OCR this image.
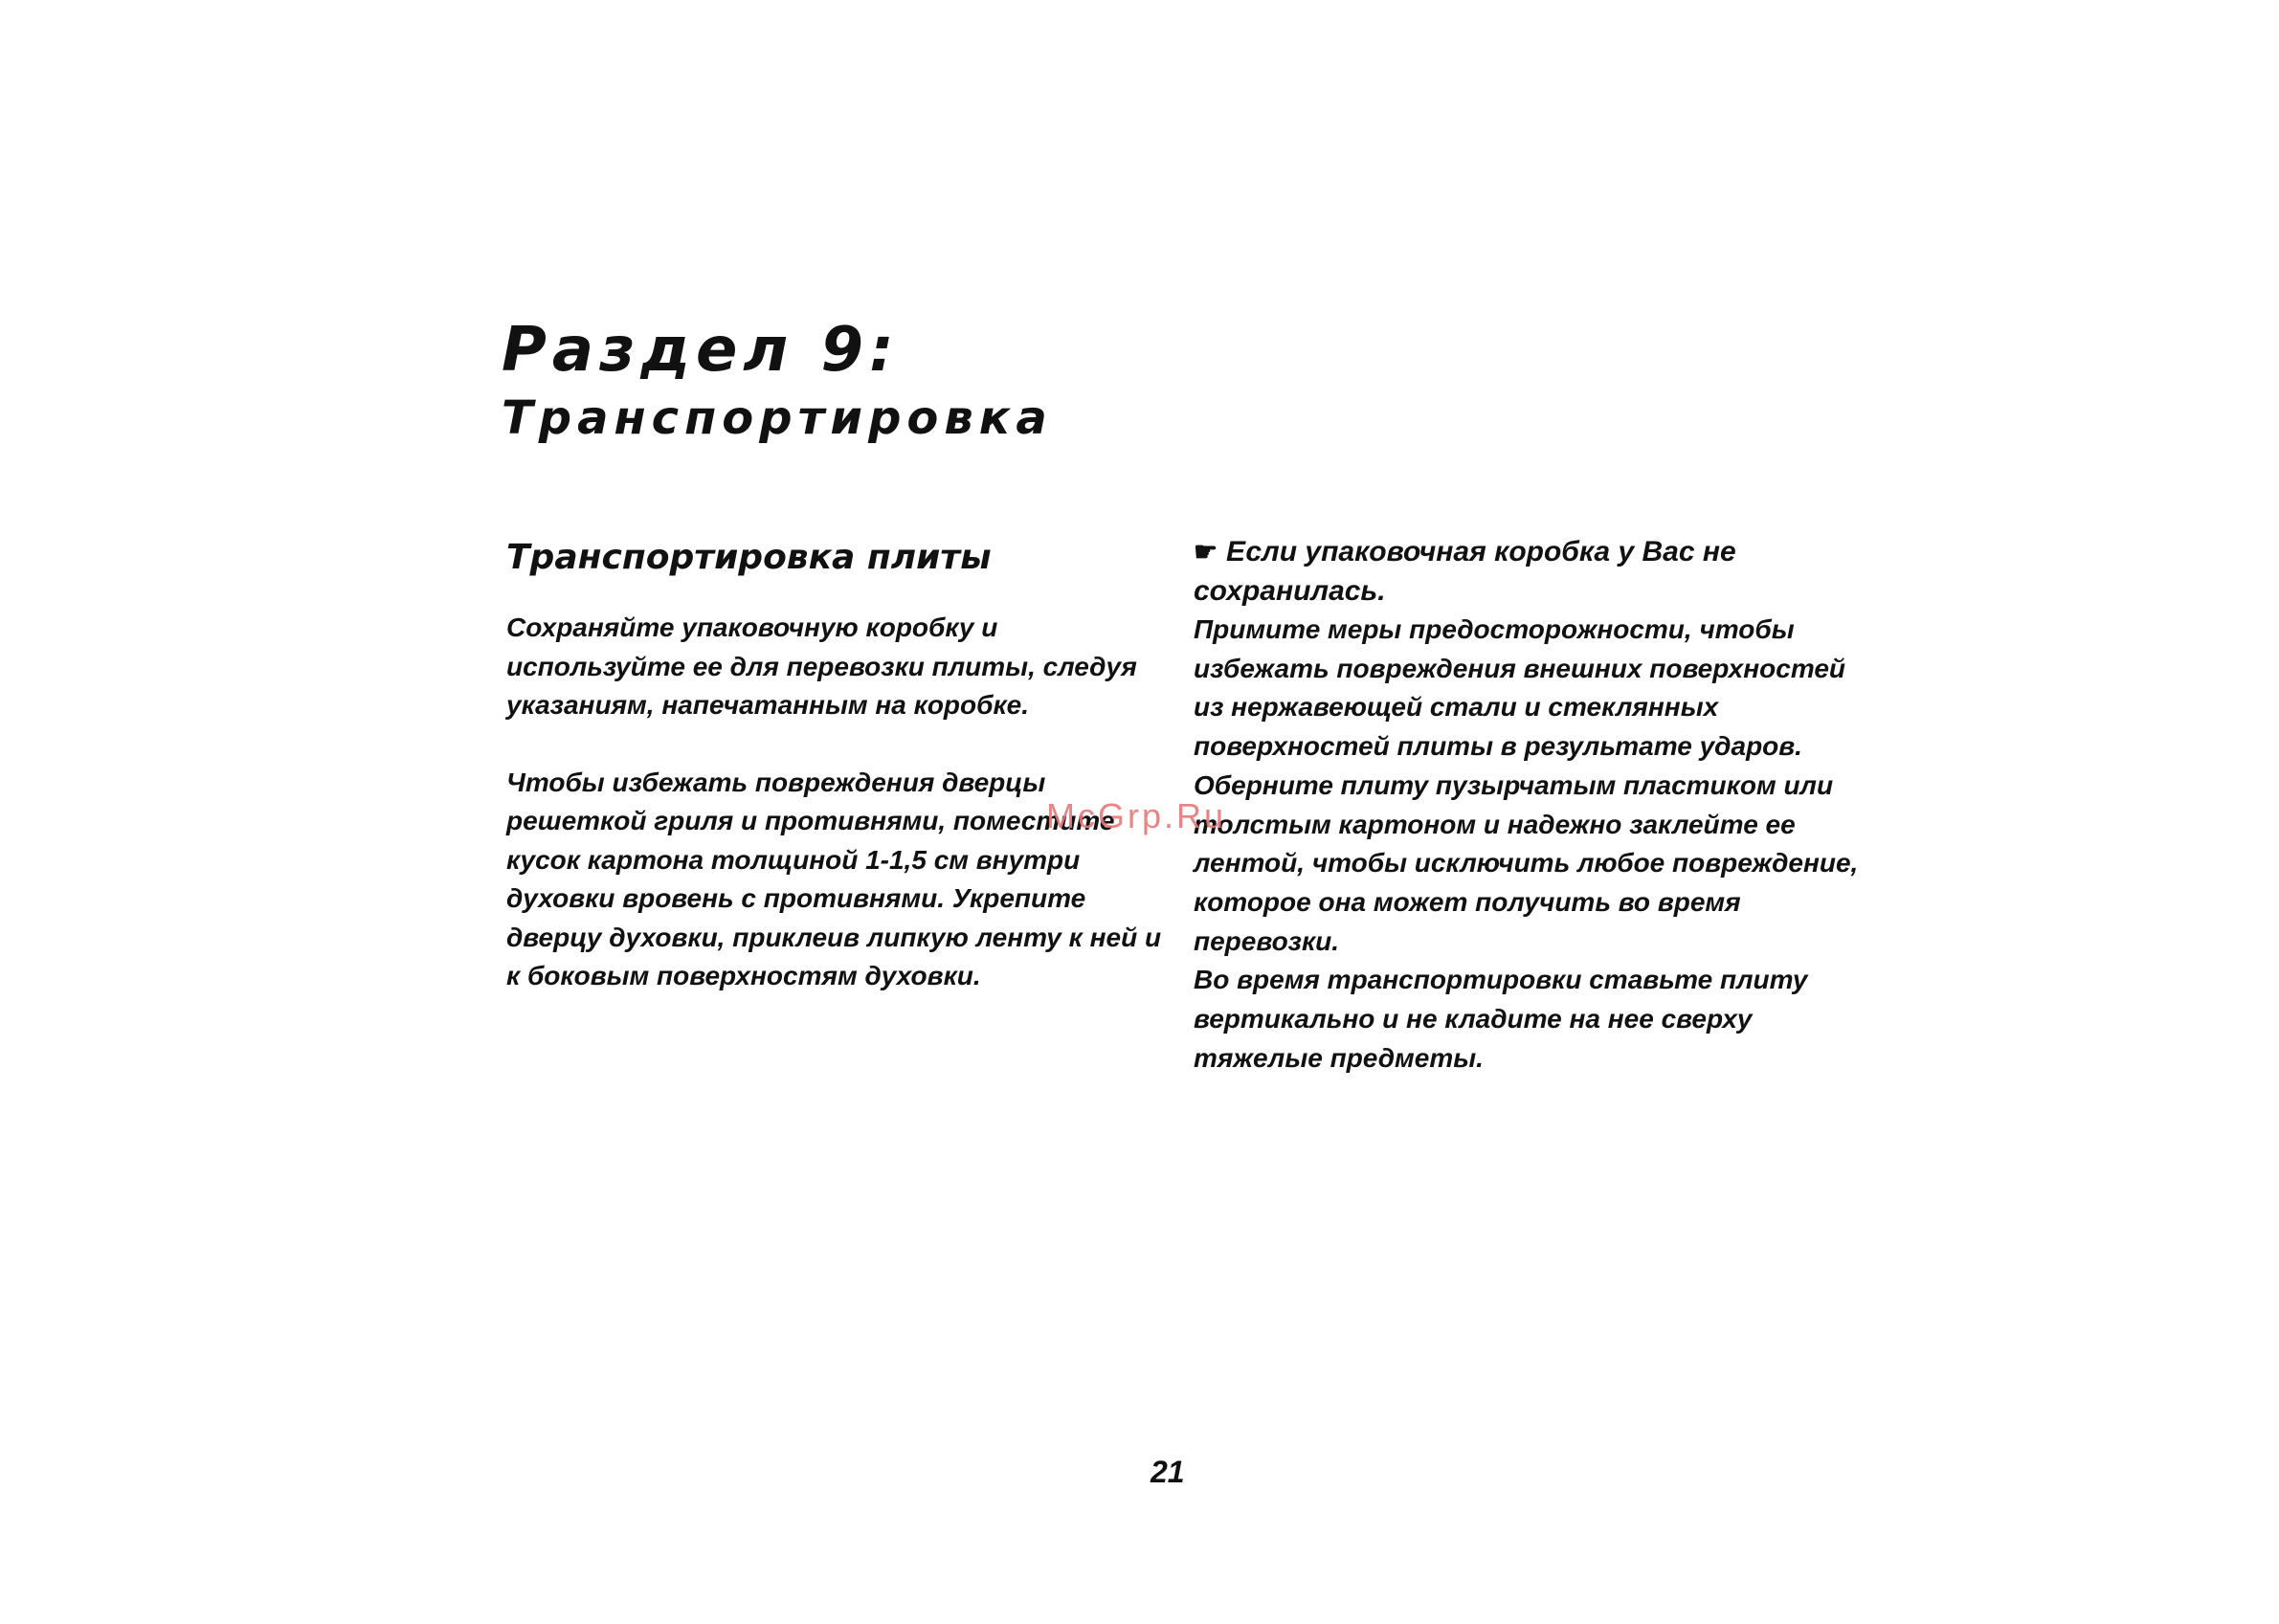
Раздел 9:
Транспортировка
Транспортировка плиты

Сохраняйте упаковочную коробку и используйте ее для перевозки плиты, следуя указаниям, напечатанным на коробке.

Чтобы избежать повреждения дверцы решеткой гриля и противнями, поместите кусок картона толщиной 1-1,5 см внутри духовки вровень с противнями. Укрепите дверцу духовки, приклеив липкую ленту к ней и к боковым поверхностям духовки.

☛ Если упаковочная коробка у Вас не сохранилась.

Примите меры предосторожности, чтобы избежать повреждения внешних поверхностей из нержавеющей стали и стеклянных поверхностей плиты в результате ударов. Оберните плиту пузырчатым пластиком или толстым картоном и надежно заклейте ее лентой, чтобы исключить любое повреждение, которое она может получить во время перевозки.

Во время транспортировки ставьте плиту вертикально и не кладите на нее сверху тяжелые предметы.

McGrp.Ru
21
